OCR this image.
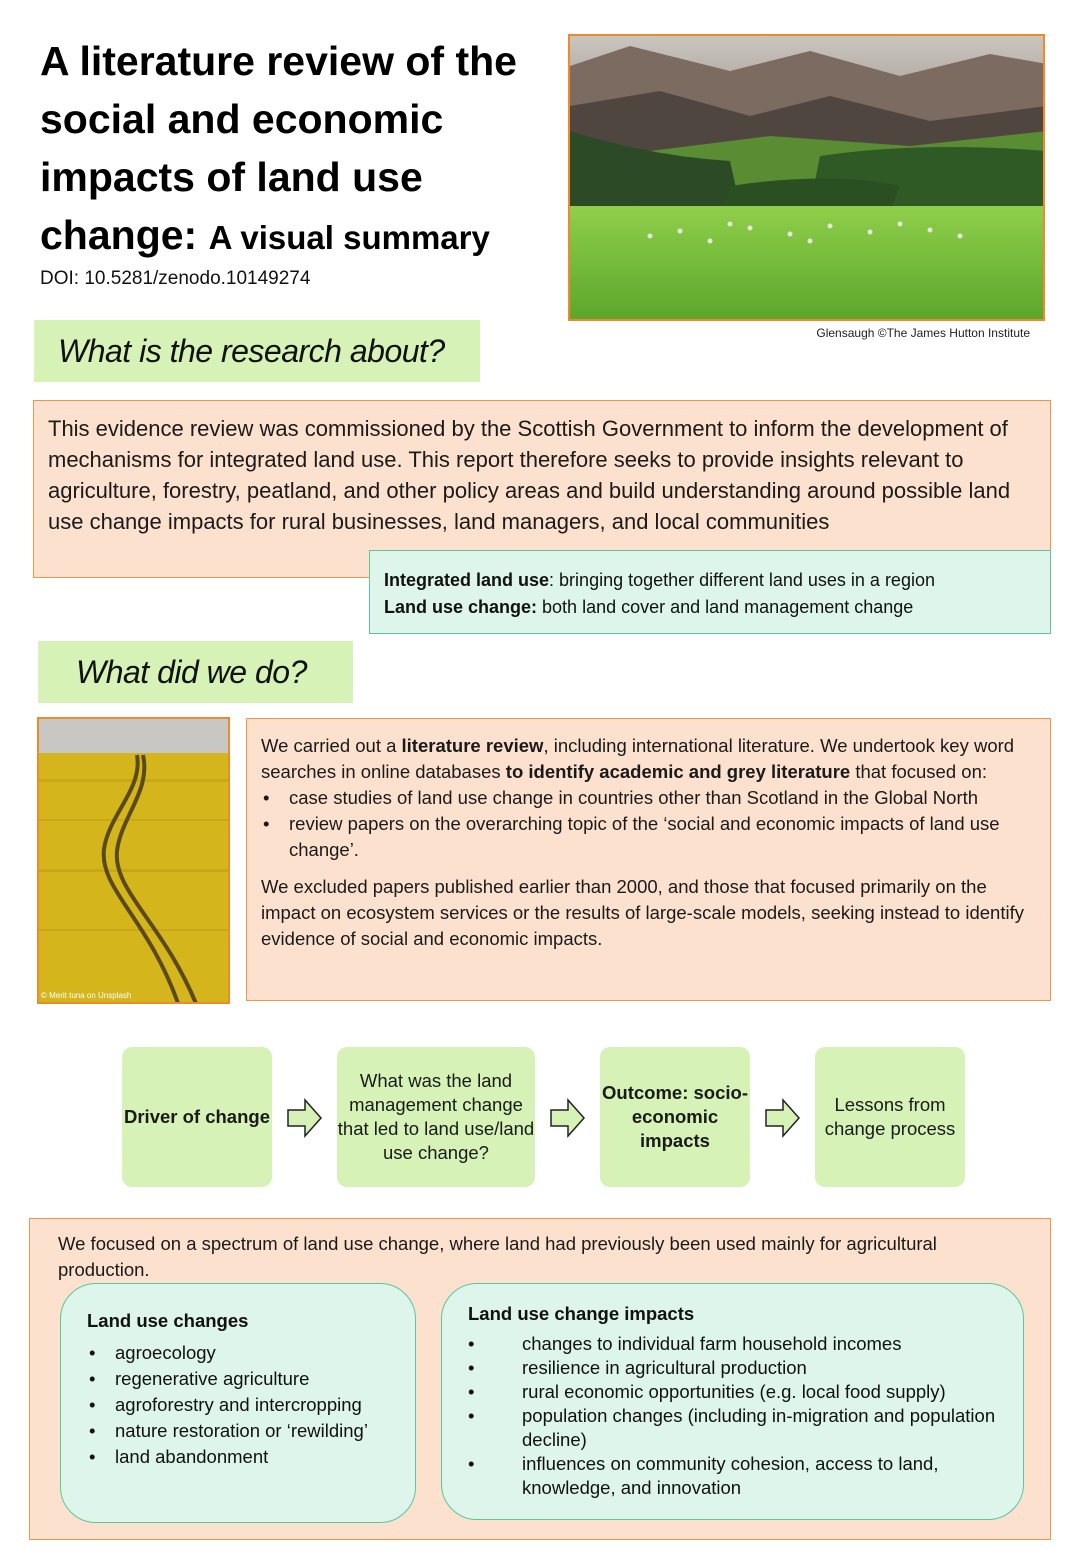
A literature review of the social and economic impacts of land use change: A visual summary
DOI: 10.5281/zenodo.10149274
Glensaugh ©The James Hutton Institute
What is the research about?
This evidence review was commissioned by the Scottish Government to inform the development of mechanisms for integrated land use. This report therefore seeks to provide insights relevant to agriculture, forestry, peatland, and other policy areas and build understanding around possible land use change impacts for rural businesses, land managers, and local communities
Integrated land use: bringing together different land uses in a region
Land use change: both land cover and land management change
What did we do?
© Merit tuna on Unsplash
We carried out a literature review, including international literature. We undertook key word searches in online databases to identify academic and grey literature that focused on:
• case studies of land use change in countries other than Scotland in the Global North
• review papers on the overarching topic of the ‘social and economic impacts of land use change’.
We excluded papers published earlier than 2000, and those that focused primarily on the impact on ecosystem services or the results of large-scale models, seeking instead to identify evidence of social and economic impacts.
Driver of change
What was the land management change that led to land use/land use change?
Outcome: socio-economic impacts
Lessons from change process
We focused on a spectrum of land use change, where land had previously been used mainly for agricultural production.
Land use changes
• agroecology
• regenerative agriculture
• agroforestry and intercropping
• nature restoration or ‘rewilding’
• land abandonment
Land use change impacts
• changes to individual farm household incomes
• resilience in agricultural production
• rural economic opportunities (e.g. local food supply)
• population changes (including in-migration and population decline)
• influences on community cohesion, access to land, knowledge, and innovation
